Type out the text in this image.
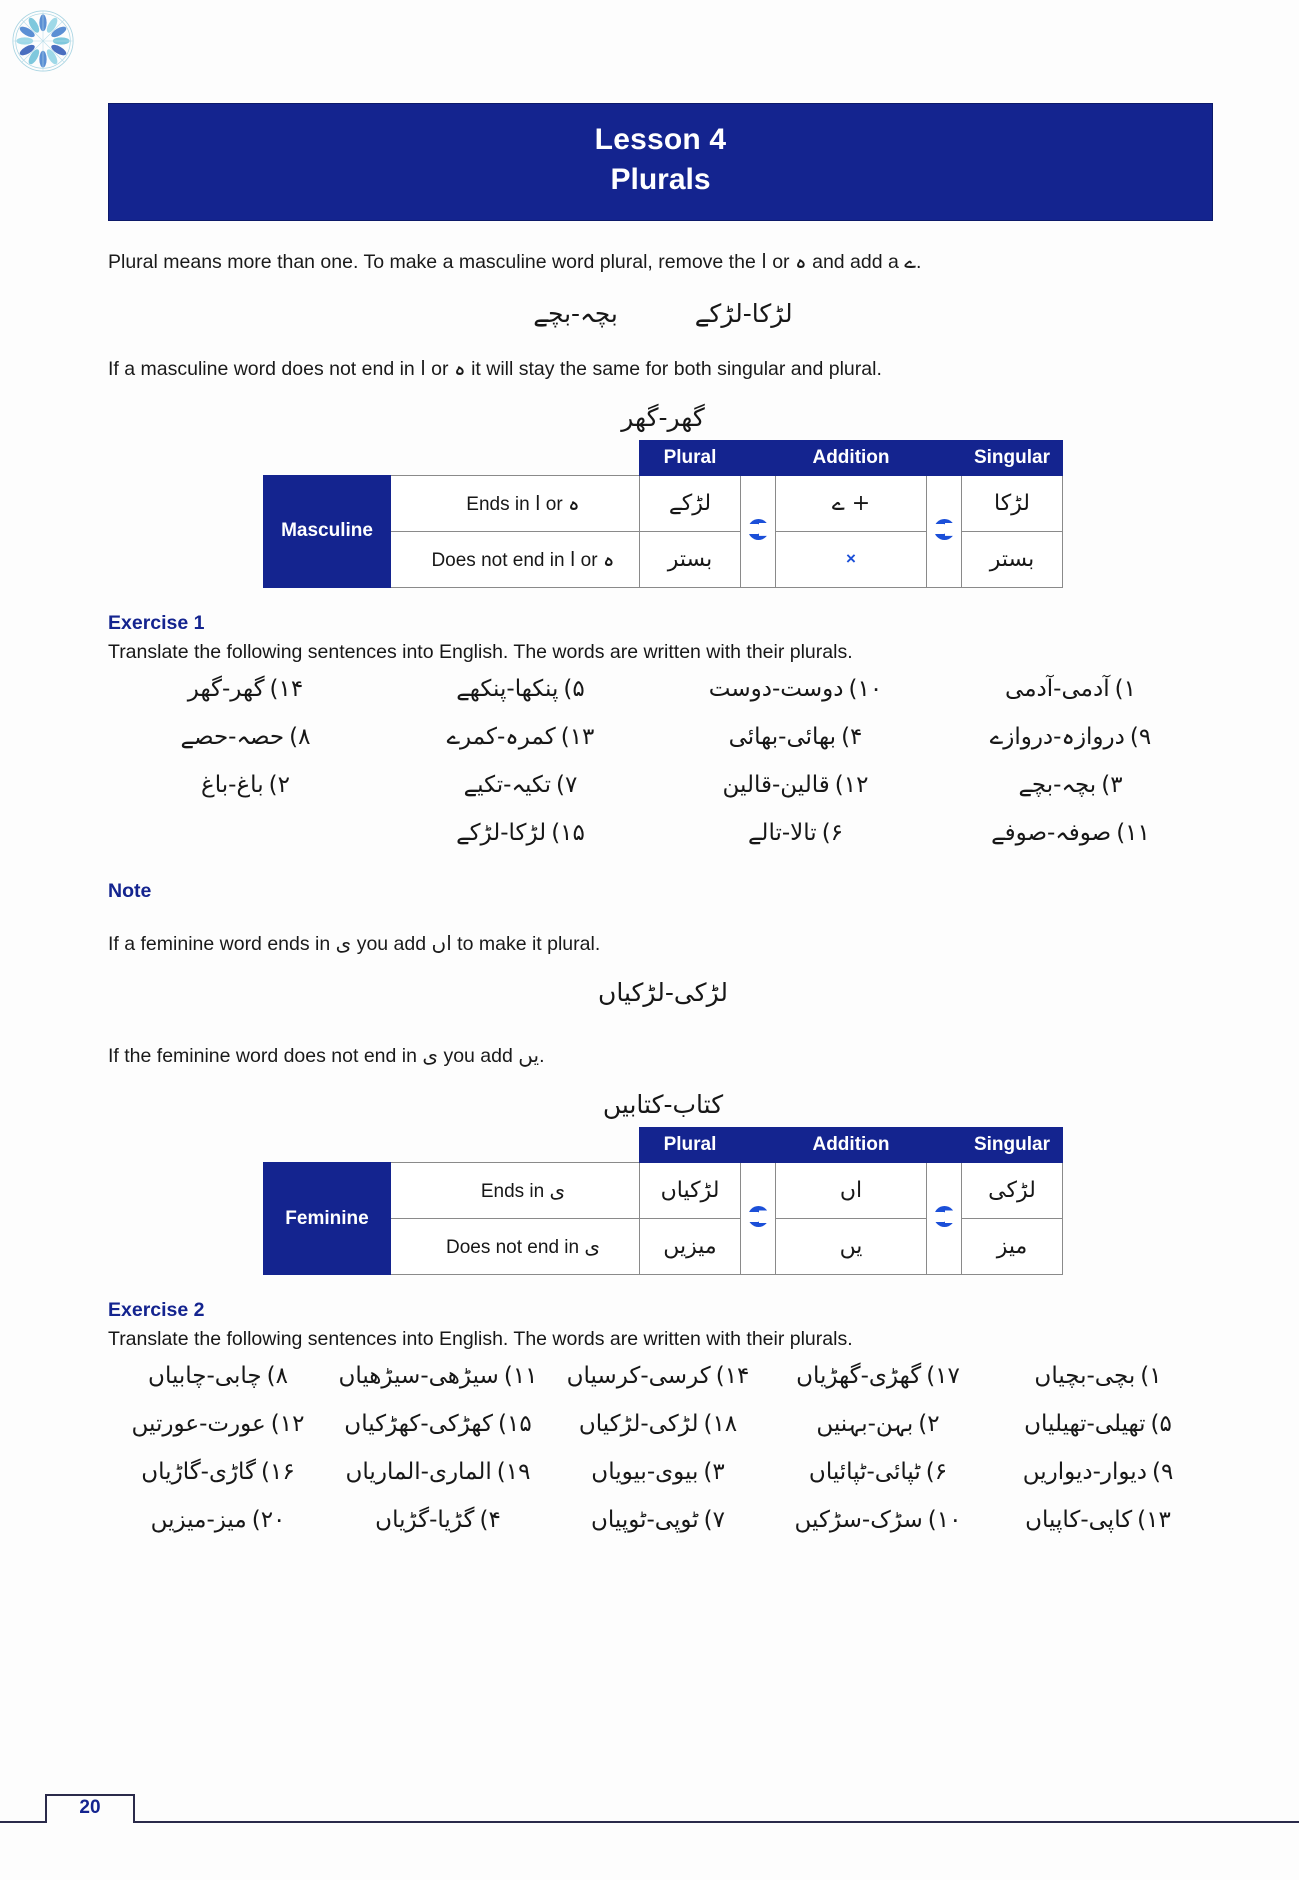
Lesson 4
Plurals
Plural means more than one. To make a masculine word plural, remove the ا or ہ and add a ے.
لڑکا-لڑکے بچہ-بچے
If a masculine word does not end in ا or ہ it will stay the same for both singular and plural.
گھر-گھر
		Plural		Addition		Singular
Masculine	Ends in ا or ہ	لڑکے		+ ے		لڑکا
	Does not end in ا or ہ	بستر		×		بستر
Exercise 1
Translate the following sentences into English. The words are written with their plurals.
۱)آدمی-آدمی
۱۰)دوست-دوست
۵)پنکھا-پنکھے
۱۴)گھر-گھر
۹)دروازہ-دروازے
۴)بھائی-بھائی
۱۳)کمرہ-کمرے
۸)حصہ-حصے
۳)بچہ-بچے
۱۲)قالین-قالین
۷)تکیہ-تکیے
۲)باغ-باغ
۱۱)صوفہ-صوفے
۶)تالا-تالے
۱۵)لڑکا-لڑکے
Note
If a feminine word ends in ی you add اں to make it plural.
لڑکی-لڑکیاں
If the feminine word does not end in ی you add یں.
کتاب-کتابیں
		Plural		Addition		Singular
Feminine	Ends in ی	لڑکیاں		اں		لڑکی
	Does not end in ی	میزیں		یں		میز
Exercise 2
Translate the following sentences into English. The words are written with their plurals.
۱)بچی-بچیاں
۱۷)گھڑی-گھڑیاں
۱۴)کرسی-کرسیاں
۱۱)سیڑھی-سیڑھیاں
۸)چابی-چابیاں
۵)تھیلی-تھیلیاں
۲)بہن-بہنیں
۱۸)لڑکی-لڑکیاں
۱۵)کھڑکی-کھڑکیاں
۱۲)عورت-عورتیں
۹)دیوار-دیواریں
۶)ٹپائی-ٹپائیاں
۳)بیوی-بیویاں
۱۹)الماری-الماریاں
۱۶)گاڑی-گاڑیاں
۱۳)کاپی-کاپیاں
۱۰)سڑک-سڑکیں
۷)ٹوپی-ٹوپیاں
۴)گڑیا-گڑیاں
۲۰)میز-میزیں
20
